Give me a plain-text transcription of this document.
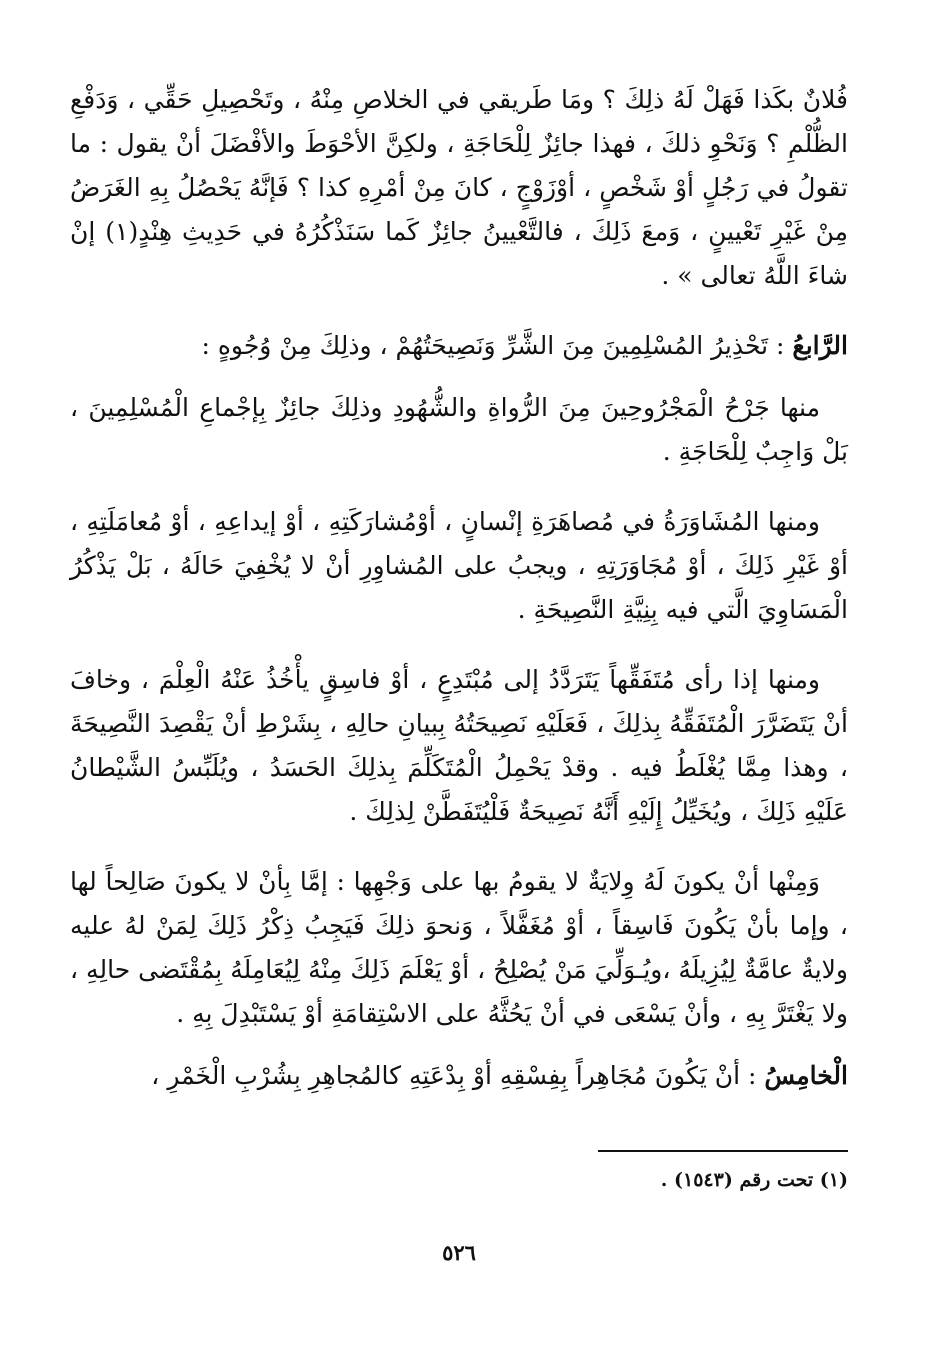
فُلانٌ بكَذا فَهَلْ لَهُ ذلِكَ ؟ ومَا طَريقي في الخلاصِ مِنْهُ ، وتَحْصِيلِ حَقِّي ، وَدَفْعِ الظُّلْمِ ؟ وَنَحْوِ ذلكَ ، فهذا جائِزٌ لِلْحَاجَةِ ، ولكِنَّ الأحْوَطَ والأفْضَلَ أنْ يقول : ما تقولُ في رَجُلٍ أوْ شَخْصٍ ، أوْزَوْجٍ ، كانَ مِنْ أمْرِهِ كذا ؟ فَإنَّهُ يَحْصُلُ بِهِ الغَرَضُ مِنْ غَيْرِ تَعْيينٍ ، وَمعَ ذَلِكَ ، فالتَّعْيينُ جائِزٌ كَما سَنَذْكُرُهُ في حَدِيثِ هِنْدٍ(١) إنْ شاءَ اللَّهُ تعالى » .

الرَّابعُ : تَحْذِيرُ المُسْلِمِينَ مِنَ الشَّرِّ وَنَصِيحَتُهُمْ ، وذلِكَ مِنْ وُجُوهٍ :

منها جَرْحُ الْمَجْرُوحِينَ مِنَ الرُّواةِ والشُّهُودِ وذلِكَ جائِزٌ بِإجْماعِ الْمُسْلِمِينَ ، بَلْ وَاجِبٌ لِلْحَاجَةِ .

ومنها المُشَاوَرَةُ في مُصاهَرَةِ إنْسانٍ ، أوْمُشارَكَتِهِ ، أوْ إيداعِهِ ، أوْ مُعامَلَتِهِ ، أوْ غَيْرِ ذَلِكَ ، أوْ مُجَاوَرَتِهِ ، ويجبُ على المُشاوِرِ أنْ لا يُخْفِيَ حَالَهُ ، بَلْ يَذْكُرُ الْمَسَاوِيَ الَّتي فيه بِنِيَّةِ النَّصِيحَةِ .

ومنها إذا رأى مُتَفَقِّهاً يَتَرَدَّدُ إلى مُبْتَدِعٍ ، أوْ فاسِقٍ يأْخُذُ عَنْهُ الْعِلْمَ ، وخافَ أنْ يَتَضَرَّرَ الْمُتَفَقِّهُ بِذلِكَ ، فَعَلَيْهِ نَصِيحَتُهُ بِبيانِ حالِهِ ، بِشَرْطِ أنْ يَقْصِدَ النَّصِيحَةَ ، وهذا مِمَّا يُغْلَطُ فيه . وقدْ يَحْمِلُ الْمُتَكَلِّمَ بِذلِكَ الحَسَدُ ، ويُلَبِّسُ الشَّيْطانُ عَلَيْهِ ذَلِكَ ، ويُخَيِّلُ إِلَيْهِ أَنَّهُ نَصِيحَةٌ فَلْيُتَفَطَّنْ لِذلِكَ .

وَمِنْها أنْ يكونَ لَهُ وِلايَةٌ لا يقومُ بها على وَجْهِها : إمَّا بِأنْ لا يكونَ صَالِحاً لها ، وإما بأنْ يَكُونَ فَاسِقاً ، أوْ مُغَفَّلاً ، وَنحوَ ذلِكَ فَيَجِبُ ذِكْرُ ذَلِكَ لِمَنْ لهُ عليه ولايةٌ عامَّةٌ لِيُزِيلَهُ ،ويُـوَلِّيَ مَنْ يُصْلِحُ ، أوْ يَعْلَمَ ذَلِكَ مِنْهُ لِيُعَامِلَهُ بِمُقْتَضى حالِهِ ، ولا يَغْتَرَّ بِهِ ، وأنْ يَسْعَى في أنْ يَحُثَّهُ على الاسْتِقامَةِ أوْ يَسْتَبْدِلَ بِهِ .

الْخامِسُ : أنْ يَكُونَ مُجَاهِراً بِفِسْقِهِ أوْ بِدْعَتِهِ كالمُجاهِرِ بِشُرْبِ الْخَمْرِ ،

(١) تحت رقم (١٥٤٣) .
٥٢٦
